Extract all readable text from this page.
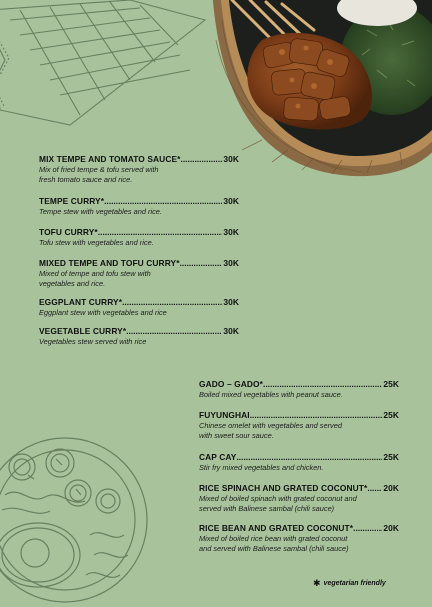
MIX TEMPE AND TOMATO SAUCE* .....	30K
Mix of fried tempe & tofu served with
fresh tomato sauce and rice.
TEMPE CURRY* .....	30K
Tempe stew with vegetables and rice.
TOFU CURRY* .....	30K
Tofu stew with vegetables and rice.
MIXED TEMPE AND TOFU CURRY* .....	30K
Mixed of tempe and tofu stew with
vegetables and rice.
EGGPLANT CURRY* .....	30K
Eggplant stew with vegetables and rice
VEGETABLE CURRY* .....	30K
Vegetables stew served with rice
GADO – GADO* .....	25K
Boiled mixed vegetables with peanut sauce.
FUYUNGHAI .....	25K
Chinese omelet with vegetables and served
with sweet sour sauce.
CAP CAY .....	25K
Stir fry mixed vegetables and chicken.
RICE SPINACH AND GRATED COCONUT* ..... 20K
Mixed of boiled spinach with grated coconut and
served with Balinese sambal (chili sauce)
RICE BEAN AND GRATED COCONUT* .....	20K
Mixed of boiled rice bean with grated coconut
and served with Balinese sambal (chili sauce)
✱ vegetarian friendly
